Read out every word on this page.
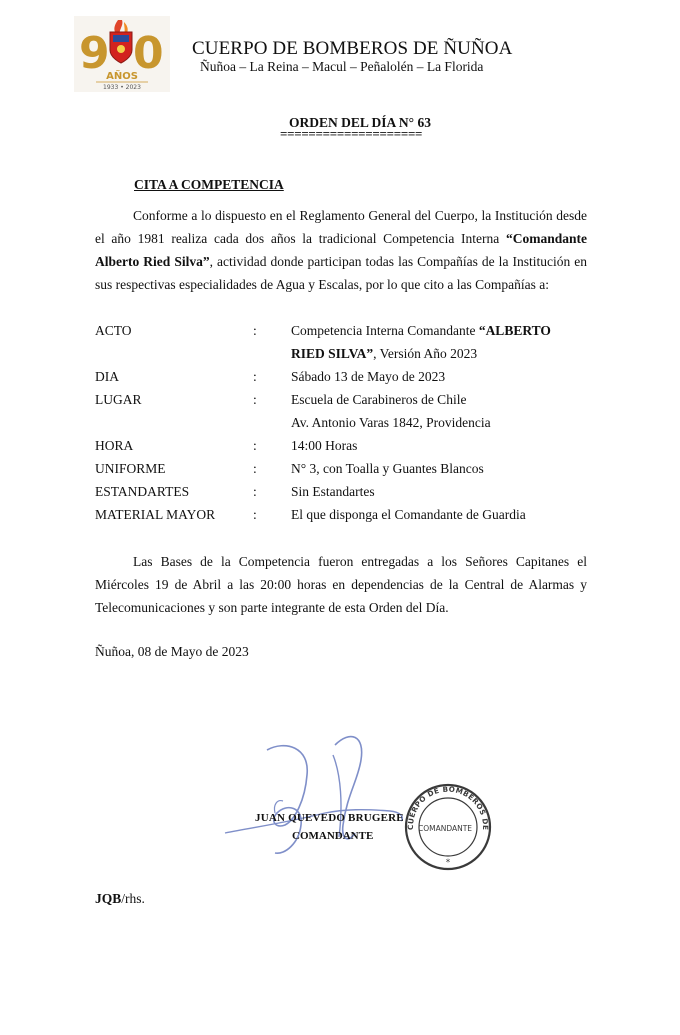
9 0
AÑOS
1933 • 2023
CUERPO DE BOMBEROS DE ÑUÑOA
Ñuñoa – La Reina – Macul – Peñalolén – La Florida
ORDEN DEL DÍA N° 63
====================
CITA A COMPETENCIA
Conforme a lo dispuesto en el Reglamento General del Cuerpo, la Institución desde el año 1981 realiza cada dos años la tradicional Competencia Interna “Comandante Alberto Ried Silva”, actividad donde participan todas las Compañías de la Institución en sus respectivas especialidades de Agua y Escalas, por lo que cito a las Compañías a:
ACTO	:	Competencia Interna Comandante “ALBERTO RIED SILVA”, Versión Año 2023
DIA	:	Sábado 13 de Mayo de 2023
LUGAR	:	Escuela de Carabineros de Chile
Av. Antonio Varas 1842, Providencia
HORA	:	14:00 Horas
UNIFORME	:	N° 3, con Toalla y Guantes Blancos
ESTANDARTES	:	Sin Estandartes
MATERIAL MAYOR	:	El que disponga el Comandante de Guardia
Las Bases de la Competencia fueron entregadas a los Señores Capitanes el Miércoles 19 de Abril a las 20:00 horas en dependencias de la Central de Alarmas y Telecomunicaciones y son parte integrante de esta Orden del Día.
Ñuñoa, 08 de Mayo de 2023
CUERPO DE BOMBEROS DE
COMANDANTE
*
JUAN QUEVEDO BRUGERE
COMANDANTE
JQB/rhs.
